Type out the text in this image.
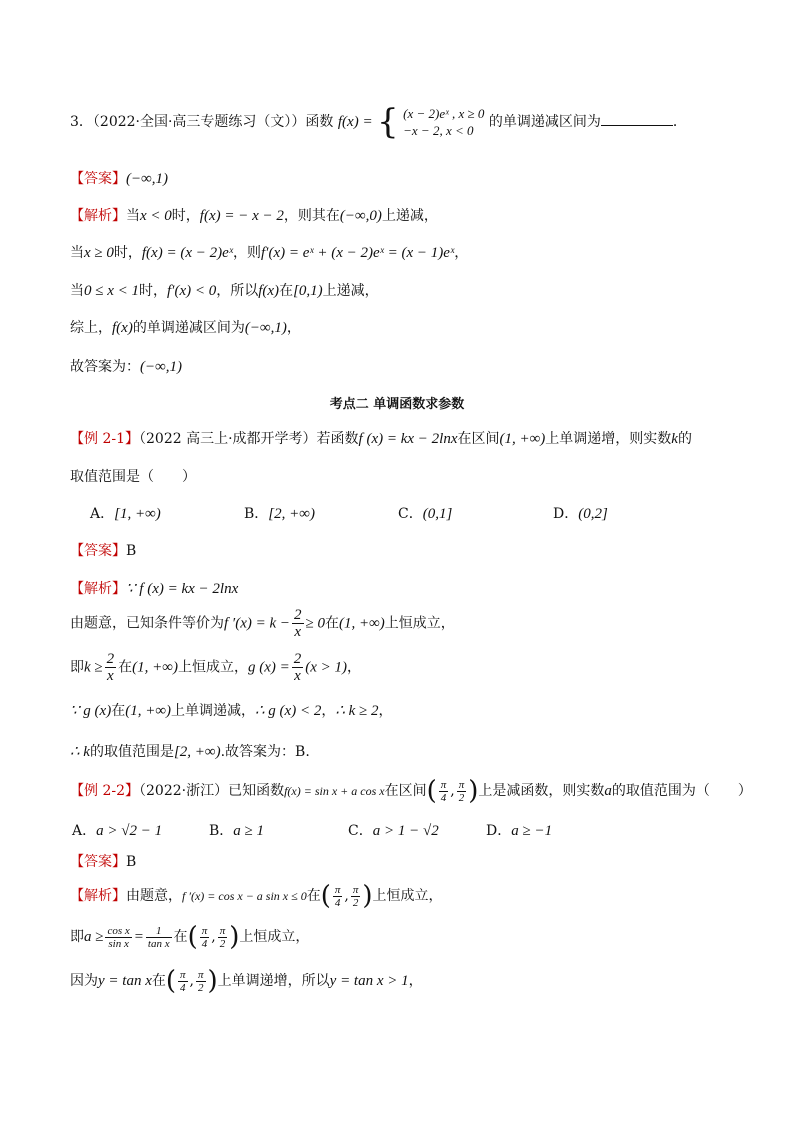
3．（2022·全国·高三专题练习（文））函数 f(x) = { (x − 2)eˣ , x ≥ 0
−x − 2, x < 0
的单调递减区间为	．
【答案】(−∞,1)
【解析】当x < 0时，f(x) = − x − 2，则其在(−∞,0)上递减，
当x ≥ 0时，f(x) = (x − 2)eˣ，则f′(x) = eˣ + (x − 2)eˣ = (x − 1)eˣ，
当0 ≤ x < 1时，f′(x) < 0，所以f(x)在[0,1)上递减，
综上，f(x)的单调递减区间为(−∞,1)，
故答案为：(−∞,1)
考点二 单调函数求参数
【例 2-1】（2022 高三上·成都开学考）若函数f (x) = kx − 2lnx在区间(1, +∞)上单调递增，则实数k的
取值范围是（　　）
A．[1, +∞)	B．[2, +∞)	C．(0,1]	D．(0,2]
【答案】B
【解析】∵ f (x) = kx − 2lnx
由题意，已知条件等价为f $'(x) = k - \frac{2}{x} \ge 0$在(1, +∞)上恒成立，
即$k \ge \frac{2}{x}$ 在(1, +∞)上恒成立，g $(x) = \frac{2}{x} (x > 1)$，
∵ g (x)在(1, +∞)上单调递减，∴ g (x) < 2，∴ k ≥ 2，
∴ k的取值范围是[2, +∞).故答案为：B.
【例 2-2】（2022·浙江）已知函数f(x) = sin x + a cos x在区间( $\frac{\pi}{4}$ , $\frac{\pi}{2}$ )上是减函数，则实数a的取值范围为（　　）
A．a > √2 − 1	B．a ≥ 1	C．a > 1 − √2	D．a ≥ −1
【答案】B
【解析】由题意，f ′(x) = cos x − a sin x ≤ 0在( $\frac{\pi}{4}$ , $\frac{\pi}{2}$ )上恒成立，
即$a \ge \frac{\text{cos x}}{\text{sin x}} = \frac{1}{\text{tan x}}$ 在( $\frac{\pi}{4}$ , $\frac{\pi}{2}$ )上恒成立，
因为y = tan x在( $\frac{\pi}{4}$ , $\frac{\pi}{2}$ )上单调递增，所以y = tan x > 1，
